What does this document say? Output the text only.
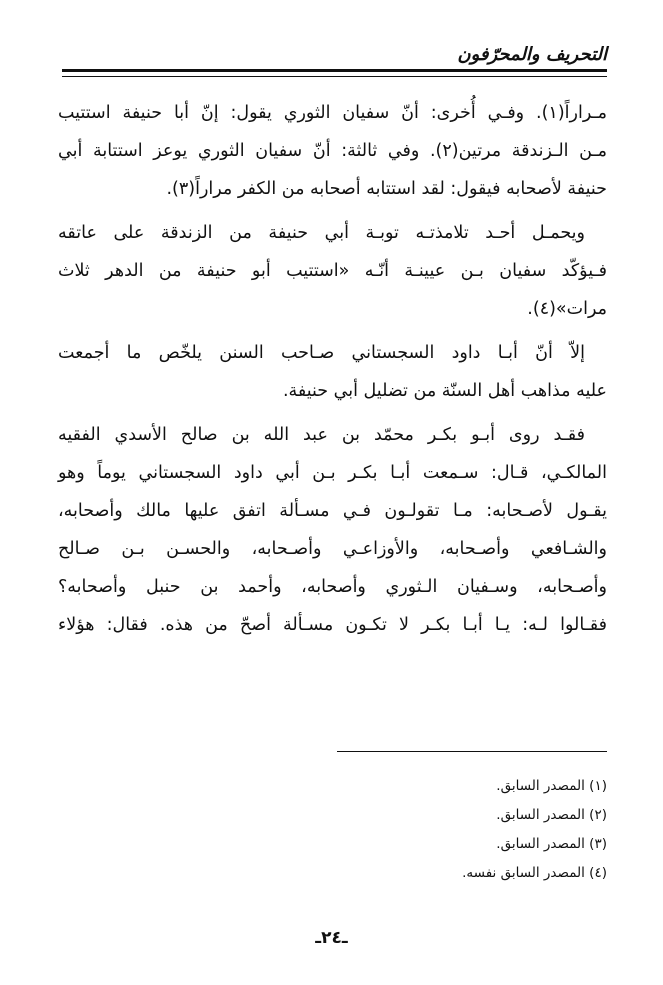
التحريف والمحرّفون

مـراراً(١). وفـي أُخرى: أنّ سفيان الثوري يقول: إنّ أبا حنيفة استتيب
مـن الـزندقة مرتين(٢). وفي ثالثة: أنّ سفيان الثوري يوعز استتابة أبي
حنيفة لأصحابه فيقول: لقد استتابه أصحابه من الكفر مراراً(٣).

ويحمـل أحـد تلامذتـه توبـة أبي حنيفة من الزندقة على عاتقه
فـيؤكّد سفيان بـن عيينـة أنّـه «استتيب أبو حنيفة من الدهر ثلاث
مرات»(٤).

إلاّ أنّ أبـا داود السجستاني صـاحب السنن يلخّص ما أجمعت
عليه مذاهب أهل السنّة من تضليل أبي حنيفة.

فقـد روى أبـو بكـر محمّد بن عبد الله بن صالح الأسدي الفقيه
المالكـي، قـال: سـمعت أبـا بكـر بـن أبي داود السجستاني يوماً وهو
يقـول لأصـحابه: مـا تقولـون فـي مسـألة اتفق عليها مالك وأصحابه،
والشـافعي وأصـحابه، والأوزاعـي وأصـحابه، والحسـن بـن صـالح
وأصـحابه، وسـفيان الـثوري وأصحابه، وأحمد بن حنبل وأصحابه؟
فقـالوا لـه: يـا أبـا بكـر لا تكـون مسـألة أصحّ من هذه. فقال: هؤلاء

(١) المصدر السابق.
(٢) المصدر السابق.
(٣) المصدر السابق.
(٤) المصدر السابق نفسه.
ـ٢٤ـ
